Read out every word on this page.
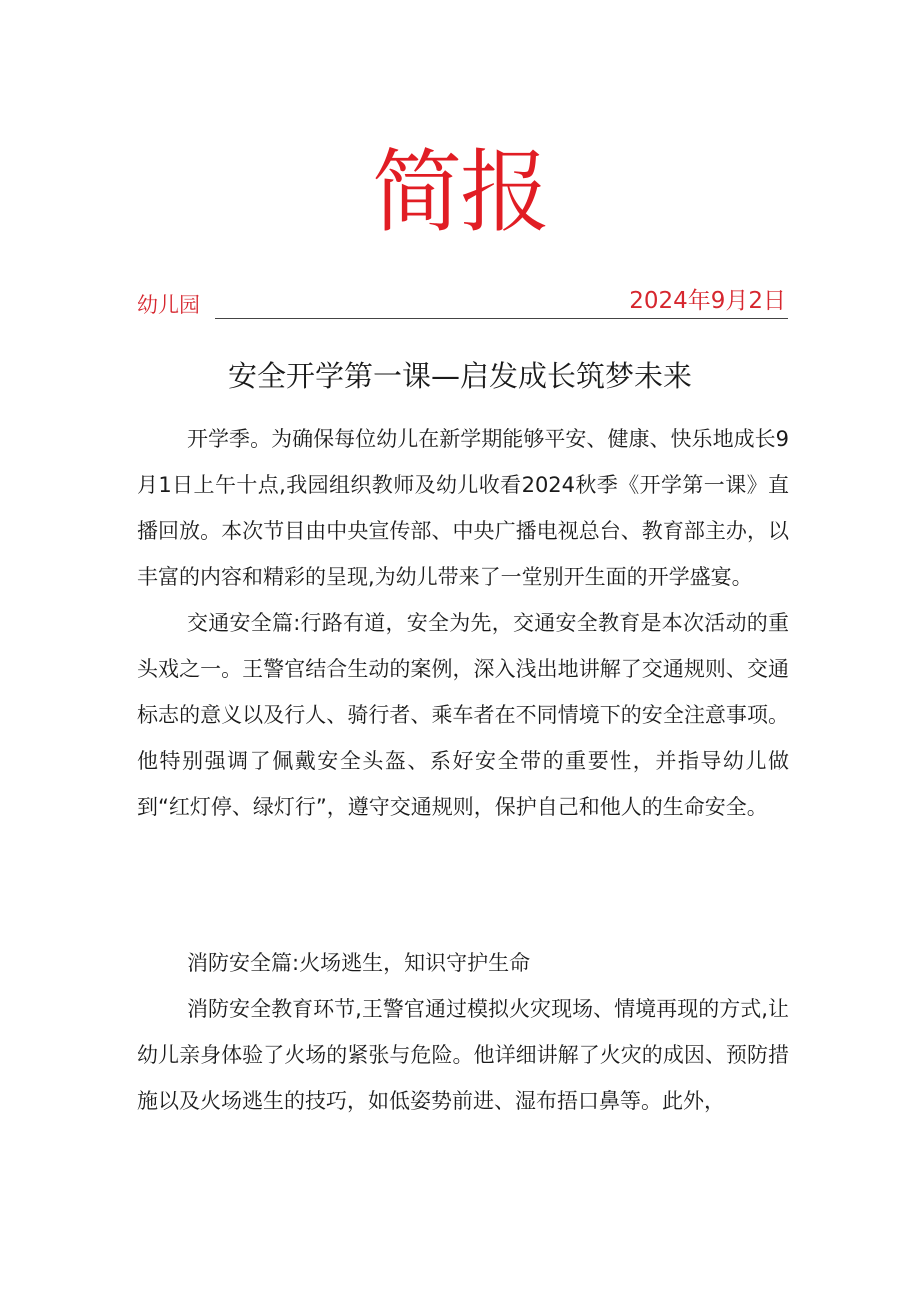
简报
幼儿园	2024年9月2日
安全开学第一课—启发成长筑梦未来

开学季。为确保每位幼儿在新学期能够平安、健康、快乐地成长9月1日上午十点,我园组织教师及幼儿收看2024秋季《开学第一课》直播回放。本次节目由中央宣传部、中央广播电视总台、教育部主办，以丰富的内容和精彩的呈现,为幼儿带来了一堂别开生面的开学盛宴。

交通安全篇:行路有道，安全为先，交通安全教育是本次活动的重头戏之一。王警官结合生动的案例，深入浅出地讲解了交通规则、交通标志的意义以及行人、骑行者、乘车者在不同情境下的安全注意事项。他特别强调了佩戴安全头盔、系好安全带的重要性，并指导幼儿做到“红灯停、绿灯行”，遵守交通规则，保护自己和他人的生命安全。

消防安全篇:火场逃生，知识守护生命

消防安全教育环节,王警官通过模拟火灾现场、情境再现的方式,让幼儿亲身体验了火场的紧张与危险。他详细讲解了火灾的成因、预防措施以及火场逃生的技巧，如低姿势前进、湿布捂口鼻等。此外，
